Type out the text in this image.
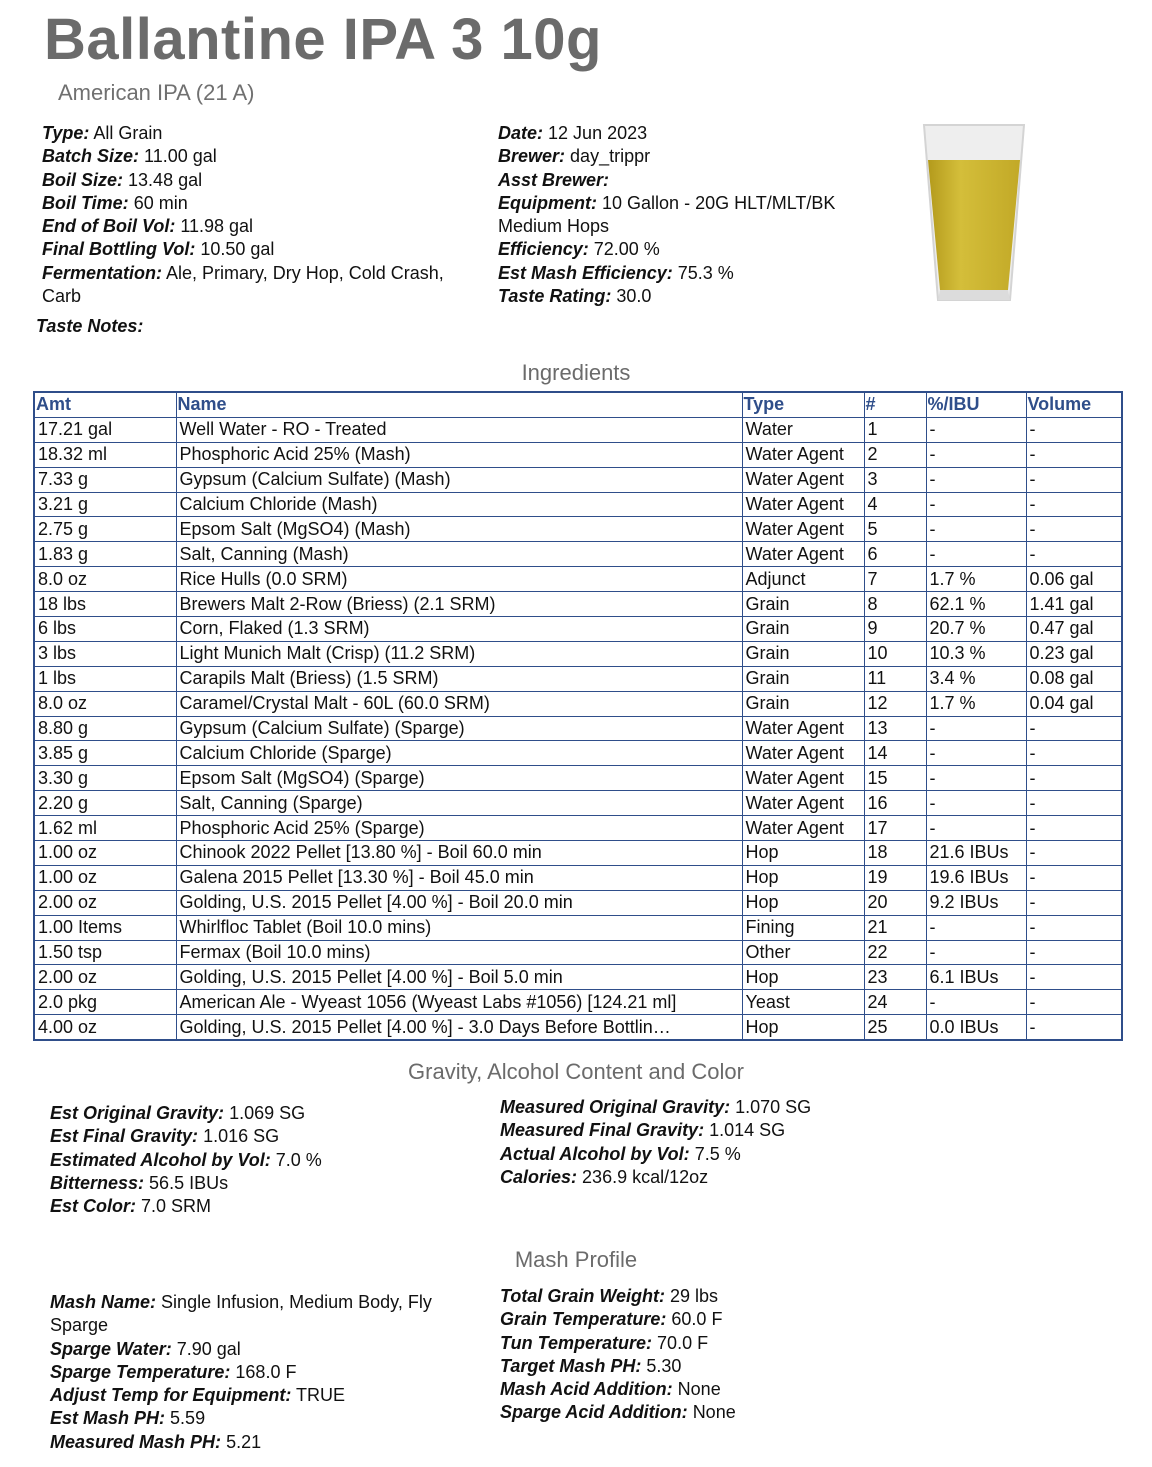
Ballantine IPA 3 10g
American IPA (21 A)
Type: All Grain
Batch Size: 11.00 gal
Boil Size: 13.48 gal
Boil Time: 60 min
End of Boil Vol: 11.98 gal
Final Bottling Vol: 10.50 gal
Fermentation: Ale, Primary, Dry Hop, Cold Crash, Carb
Date: 12 Jun 2023
Brewer: day_trippr
Asst Brewer:
Equipment: 10 Gallon - 20G HLT/MLT/BK Medium Hops
Efficiency: 72.00 %
Est Mash Efficiency: 75.3 %
Taste Rating: 30.0
Taste Notes:
Ingredients
Amt	Name	Type	#	%/IBU	Volume
17.21 gal	Well Water - RO - Treated	Water	1	-	-
18.32 ml	Phosphoric Acid 25% (Mash)	Water Agent	2	-	-
7.33 g	Gypsum (Calcium Sulfate) (Mash)	Water Agent	3	-	-
3.21 g	Calcium Chloride (Mash)	Water Agent	4	-	-
2.75 g	Epsom Salt (MgSO4) (Mash)	Water Agent	5	-	-
1.83 g	Salt, Canning (Mash)	Water Agent	6	-	-
8.0 oz	Rice Hulls (0.0 SRM)	Adjunct	7	1.7 %	0.06 gal
18 lbs	Brewers Malt 2-Row (Briess) (2.1 SRM)	Grain	8	62.1 %	1.41 gal
6 lbs	Corn, Flaked (1.3 SRM)	Grain	9	20.7 %	0.47 gal
3 lbs	Light Munich Malt (Crisp) (11.2 SRM)	Grain	10	10.3 %	0.23 gal
1 lbs	Carapils Malt (Briess) (1.5 SRM)	Grain	11	3.4 %	0.08 gal
8.0 oz	Caramel/Crystal Malt - 60L (60.0 SRM)	Grain	12	1.7 %	0.04 gal
8.80 g	Gypsum (Calcium Sulfate) (Sparge)	Water Agent	13	-	-
3.85 g	Calcium Chloride (Sparge)	Water Agent	14	-	-
3.30 g	Epsom Salt (MgSO4) (Sparge)	Water Agent	15	-	-
2.20 g	Salt, Canning (Sparge)	Water Agent	16	-	-
1.62 ml	Phosphoric Acid 25% (Sparge)	Water Agent	17	-	-
1.00 oz	Chinook 2022 Pellet [13.80 %] - Boil 60.0 min	Hop	18	21.6 IBUs	-
1.00 oz	Galena 2015 Pellet [13.30 %] - Boil 45.0 min	Hop	19	19.6 IBUs	-
2.00 oz	Golding, U.S. 2015 Pellet [4.00 %] - Boil 20.0 min	Hop	20	9.2 IBUs	-
1.00 Items	Whirlfloc Tablet (Boil 10.0 mins)	Fining	21	-	-
1.50 tsp	Fermax (Boil 10.0 mins)	Other	22	-	-
2.00 oz	Golding, U.S. 2015 Pellet [4.00 %] - Boil 5.0 min	Hop	23	6.1 IBUs	-
2.0 pkg	American Ale - Wyeast 1056 (Wyeast Labs #1056) [124.21 ml]	Yeast	24	-	-
4.00 oz	Golding, U.S. 2015 Pellet [4.00 %] - 3.0 Days Before Bottlin…	Hop	25	0.0 IBUs	-
Gravity, Alcohol Content and Color
Est Original Gravity: 1.069 SG
Est Final Gravity: 1.016 SG
Estimated Alcohol by Vol: 7.0 %
Bitterness: 56.5 IBUs
Est Color: 7.0 SRM
Measured Original Gravity: 1.070 SG
Measured Final Gravity: 1.014 SG
Actual Alcohol by Vol: 7.5 %
Calories: 236.9 kcal/12oz
Mash Profile
Mash Name: Single Infusion, Medium Body, Fly Sparge
Sparge Water: 7.90 gal
Sparge Temperature: 168.0 F
Adjust Temp for Equipment: TRUE
Est Mash PH: 5.59
Measured Mash PH: 5.21
Total Grain Weight: 29 lbs
Grain Temperature: 60.0 F
Tun Temperature: 70.0 F
Target Mash PH: 5.30
Mash Acid Addition: None
Sparge Acid Addition: None
